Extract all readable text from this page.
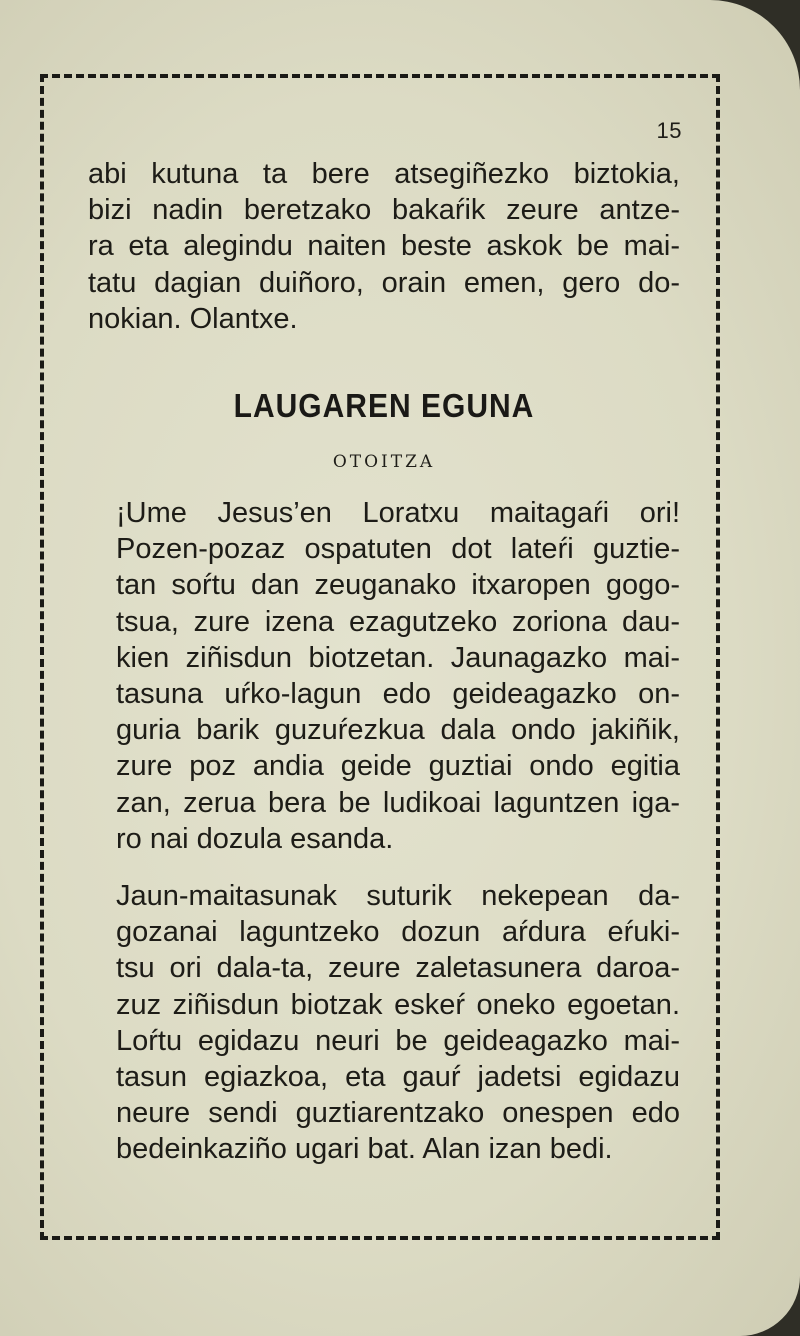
15
abi kutuna ta bere atsegiñezko biztokia,
bizi nadin beretzako bakaŕik zeure antze-
ra eta alegindu naiten beste askok be mai-
tatu dagian duiñoro, orain emen, gero do-
nokian. Olantxe.
LAUGAREN EGUNA
OTOITZA
¡Ume Jesus’en Loratxu maitagaŕi ori!
Pozen-pozaz ospatuten dot lateŕi guztie-
tan soŕtu dan zeuganako itxaropen gogo-
tsua, zure izena ezagutzeko zoriona dau-
kien ziñisdun biotzetan. Jaunagazko mai-
tasuna uŕko-lagun edo geideagazko on-
guria barik guzuŕezkua dala ondo jakiñik,
zure poz andia geide guztiai ondo egitia
zan, zerua bera be ludikoai laguntzen iga-
ro nai dozula esanda.
Jaun-maitasunak suturik nekepean da-
gozanai laguntzeko dozun aŕdura eŕuki-
tsu ori dala-ta, zeure zaletasunera daroa-
zuz ziñisdun biotzak eskeŕ oneko egoetan.
Loŕtu egidazu neuri be geideagazko mai-
tasun egiazkoa, eta gauŕ jadetsi egidazu
neure sendi guztiarentzako onespen edo
bedeinkaziño ugari bat. Alan izan bedi.
